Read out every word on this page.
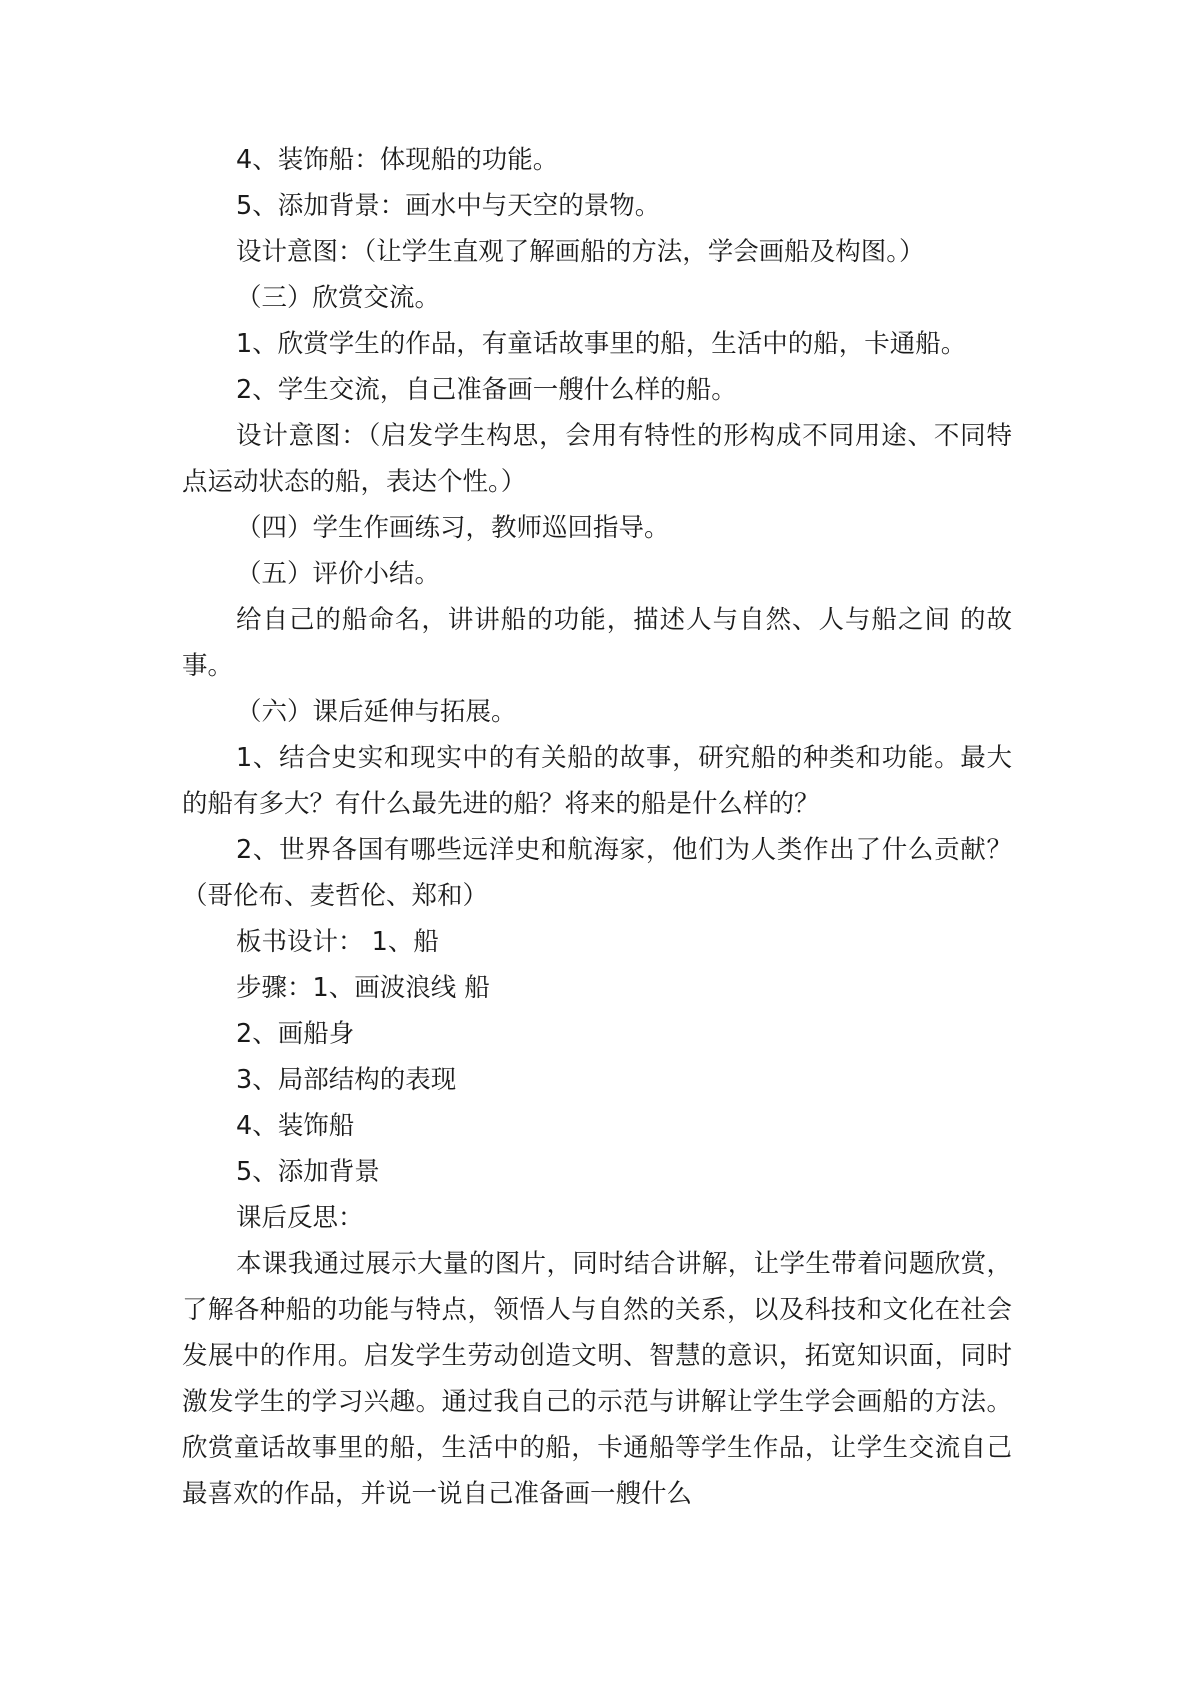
4、装饰船：体现船的功能。

5、添加背景：画水中与天空的景物。

设计意图：（让学生直观了解画船的方法，学会画船及构图。）

（三）欣赏交流。

1、欣赏学生的作品，有童话故事里的船，生活中的船，卡通船。

2、学生交流，自己准备画一艘什么样的船。

设计意图：（启发学生构思，会用有特性的形构成不同用途、不同特点运动状态的船，表达个性。）

（四）学生作画练习，教师巡回指导。

（五）评价小结。

给自己的船命名，讲讲船的功能，描述人与自然、人与船之间 的故事。

（六）课后延伸与拓展。

1、结合史实和现实中的有关船的故事，研究船的种类和功能。最大的船有多大？有什么最先进的船？将来的船是什么样的？

2、世界各国有哪些远洋史和航海家，他们为人类作出了什么贡献？（哥伦布、麦哲伦、郑和）

板书设计： 1、船

步骤：1、画波浪线 船

2、画船身

3、局部结构的表现

4、装饰船

5、添加背景

课后反思：

本课我通过展示大量的图片，同时结合讲解，让学生带着问题欣赏，了解各种船的功能与特点，领悟人与自然的关系，以及科技和文化在社会发展中的作用。启发学生劳动创造文明、智慧的意识，拓宽知识面，同时激发学生的学习兴趣。通过我自己的示范与讲解让学生学会画船的方法。欣赏童话故事里的船，生活中的船，卡通船等学生作品，让学生交流自己最喜欢的作品，并说一说自己准备画一艘什么
